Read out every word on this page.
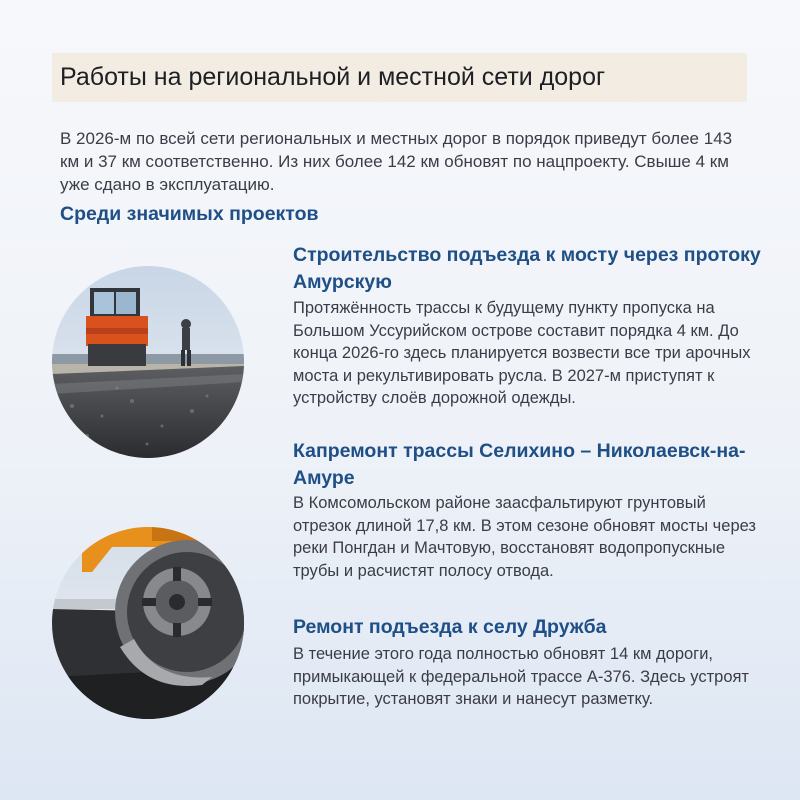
Работы на региональной и местной сети дорог
В 2026-м по всей сети региональных и местных дорог в порядок приведут более 143 км и 37 км соответственно. Из них более 142 км обновят по нацпроекту. Свыше 4 км уже сдано в эксплуатацию.
Среди значимых проектов
Строительство подъезда к мосту через протоку Амурскую
Протяжённость трассы к будущему пункту пропуска на Большом Уссурийском острове составит порядка 4 км. До конца 2026-го здесь планируется возвести все три арочных моста и рекультивировать русла. В 2027-м приступят к устройству слоёв дорожной одежды.
Капремонт трассы Селихино – Николаевск-на-Амуре
В Комсомольском районе заасфальтируют грунтовый отрезок длиной 17,8 км. В этом сезоне обновят мосты через реки Понгдан и Мачтовую, восстановят водопропускные трубы и расчистят полосу отвода.
Ремонт подъезда к селу Дружба
В течение этого года полностью обновят 14 км дороги, примыкающей к федеральной трассе А-376. Здесь устроят покрытие, установят знаки и нанесут разметку.
